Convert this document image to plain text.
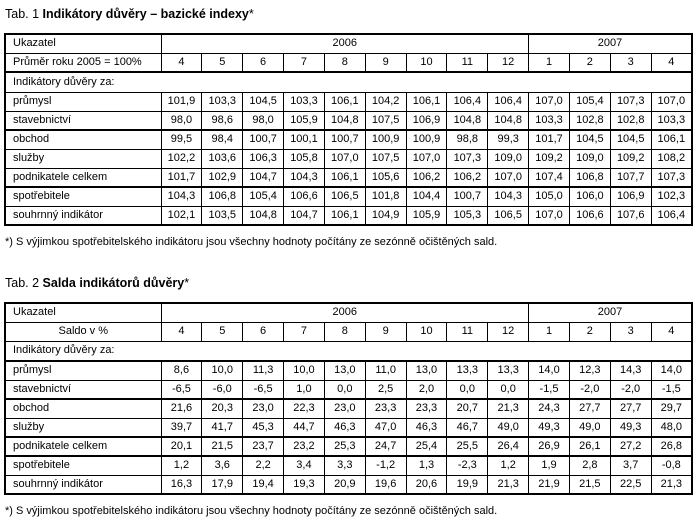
Tab. 1 Indikátory důvěry – bazické indexy*

Ukazatel	2006									2007			
Průměr roku 2005 = 100%	4	5	6	7	8	9	10	11	12	1	2	3	4
Indikátory důvěry za:													
průmysl	101,9	103,3	104,5	103,3	106,1	104,2	106,1	106,4	106,4	107,0	105,4	107,3	107,0
stavebnictví	98,0	98,6	98,0	105,9	104,8	107,5	106,9	104,8	104,8	103,3	102,8	102,8	103,3
obchod	99,5	98,4	100,7	100,1	100,7	100,9	100,9	98,8	99,3	101,7	104,5	104,5	106,1
služby	102,2	103,6	106,3	105,8	107,0	107,5	107,0	107,3	109,0	109,2	109,0	109,2	108,2
podnikatele celkem	101,7	102,9	104,7	104,3	106,1	105,6	106,2	106,2	107,0	107,4	106,8	107,7	107,3
spotřebitele	104,3	106,8	105,4	106,6	106,5	101,8	104,4	100,7	104,3	105,0	106,0	106,9	102,3
souhrnný indikátor	102,1	103,5	104,8	104,7	106,1	104,9	105,9	105,3	106,5	107,0	106,6	107,6	106,4

*) S výjimkou spotřebitelského indikátoru jsou všechny hodnoty počítány ze sezónně očištěných sald.

Tab. 2 Salda indikátorů důvěry*

Ukazatel	2006									2007			
Saldo v %	4	5	6	7	8	9	10	11	12	1	2	3	4
Indikátory důvěry za:													
průmysl	8,6	10,0	11,3	10,0	13,0	11,0	13,0	13,3	13,3	14,0	12,3	14,3	14,0
stavebnictví	-6,5	-6,0	-6,5	1,0	0,0	2,5	2,0	0,0	0,0	-1,5	-2,0	-2,0	-1,5
obchod	21,6	20,3	23,0	22,3	23,0	23,3	23,3	20,7	21,3	24,3	27,7	27,7	29,7
služby	39,7	41,7	45,3	44,7	46,3	47,0	46,3	46,7	49,0	49,3	49,0	49,3	48,0
podnikatele celkem	20,1	21,5	23,7	23,2	25,3	24,7	25,4	25,5	26,4	26,9	26,1	27,2	26,8
spotřebitele	1,2	3,6	2,2	3,4	3,3	-1,2	1,3	-2,3	1,2	1,9	2,8	3,7	-0,8
souhrnný indikátor	16,3	17,9	19,4	19,3	20,9	19,6	20,6	19,9	21,3	21,9	21,5	22,5	21,3

*) S výjimkou spotřebitelského indikátoru jsou všechny hodnoty počítány ze sezónně očištěných sald.
